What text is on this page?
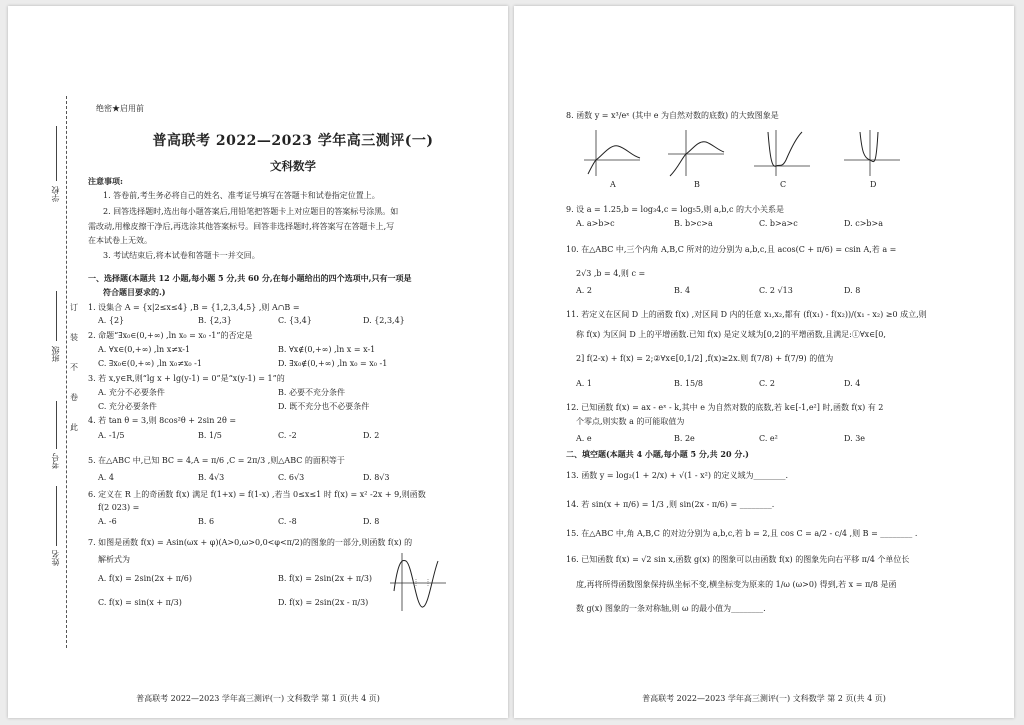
学校
班级
考号
姓名
订
装
不
卷
此
绝密★启用前
普高联考 2022—2023 学年高三测评(一)
文科数学
注意事项:
1. 答卷前,考生务必将自己的姓名、准考证号填写在答题卡和试卷指定位置上。
2. 回答选择题时,选出每小题答案后,用铅笔把答题卡上对应题目的答案标号涂黑。如
需改动,用橡皮擦干净后,再选涂其他答案标号。回答非选择题时,将答案写在答题卡上,写
在本试卷上无效。
3. 考试结束后,将本试卷和答题卡一并交回。
一、选择题(本题共 12 小题,每小题 5 分,共 60 分,在每小题给出的四个选项中,只有一项是
符合题目要求的.)
1. 设集合 A = {x|2≤x≤4} ,B = {1,2,3,4,5} ,则 A∩B =
A. {2}	B. {2,3}	C. {3,4}	D. {2,3,4}
2. 命题“∃x₀∈(0,+∞) ,ln x₀ = x₀ -1”的否定是
A. ∀x∈(0,+∞) ,ln x≠x-1	B. ∀x∉(0,+∞) ,ln x = x-1
C. ∃x₀∈(0,+∞) ,ln x₀≠x₀ -1	D. ∃x₀∉(0,+∞) ,ln x₀ = x₀ -1
3. 若 x,y∈R,则“lg x + lg(y-1) = 0”是“x(y-1) = 1”的
A. 充分不必要条件	B. 必要不充分条件
C. 充分必要条件	D. 既不充分也不必要条件
4. 若 tan θ = 3,则 8cos²θ + 2sin 2θ =
A. -1/5	B. 1/5	C. -2	D. 2
5. 在△ABC 中,已知 BC = 4,A = π/6 ,C = 2π/3 ,则△ABC 的面积等于
A. 4	B. 4√3	C. 6√3	D. 8√3
6. 定义在 R 上的奇函数 f(x) 满足 f(1+x) = f(1-x) ,若当 0≤x≤1 时 f(x) = x² -2x + 9,则函数
f(2 023) =
A. -6	B. 6	C. -8	D. 8
7. 如图是函数 f(x) = Asin(ωx + φ)(A>0,ω>0,0<φ<π/2)的图象的一部分,则函数 f(x) 的
解析式为
A. f(x) = 2sin(2x + π/6)	B. f(x) = 2sin(2x + π/3)
C. f(x) = sin(x + π/3)	D. f(x) = 2sin(2x - π/3)
普高联考 2022—2023 学年高三测评(一) 文科数学 第 1 页(共 4 页)
8. 函数 y = x³/eˣ (其中 e 为自然对数的底数) 的大致图象是
A	B	C	D
9. 设 a = 1.25,b = log₃4,c = log₅5,则 a,b,c 的大小关系是
A. a>b>c	B. b>c>a	C. b>a>c	D. c>b>a
10. 在△ABC 中,三个内角 A,B,C 所对的边分别为 a,b,c,且 acos(C + π/6) = csin A,若 a =
2√3 ,b = 4,则 c =
A. 2	B. 4	C. 2 √13	D. 8
11. 若定义在区间 D 上的函数 f(x) ,对区间 D 内的任意 x₁,x₂,都有 (f(x₁) - f(x₂))/(x₁ - x₂) ≥0 成立,则
称 f(x) 为区间 D 上的平增函数.已知 f(x) 是定义域为[0,2]的平增函数,且满足:①∀x∈[0,
2] f(2-x) + f(x) = 2;②∀x∈[0,1/2] ,f(x)≥2x.则 f(7/8) + f(7/9) 的值为
A. 1	B. 15/8	C. 2	D. 4
12. 已知函数 f(x) = ax - eˣ - k,其中 e 为自然对数的底数,若 k∈[-1,e²] 时,函数 f(x) 有 2
个零点,则实数 a 的可能取值为
A. e	B. 2e	C. e²	D. 3e
二、填空题(本题共 4 小题,每小题 5 分,共 20 分.)
13. 函数 y = log₂(1 + 2/x) + √(1 - x²) 的定义域为________.
14. 若 sin(x + π/6) = 1/3 ,则 sin(2x - π/6) = ________.
15. 在△ABC 中,角 A,B,C 的对边分别为 a,b,c,若 b = 2,且 cos C = a/2 - c/4 ,则 B = ________ .
16. 已知函数 f(x) = √2 sin x,函数 g(x) 的图象可以由函数 f(x) 的图象先向右平移 π/4 个单位长
度,再将所得函数图象保持纵坐标不变,横坐标变为原来的 1/ω (ω>0) 得到,若 x = π/8 是函
数 g(x) 图象的一条对称轴,则 ω 的最小值为________.
普高联考 2022—2023 学年高三测评(一) 文科数学 第 2 页(共 4 页)
